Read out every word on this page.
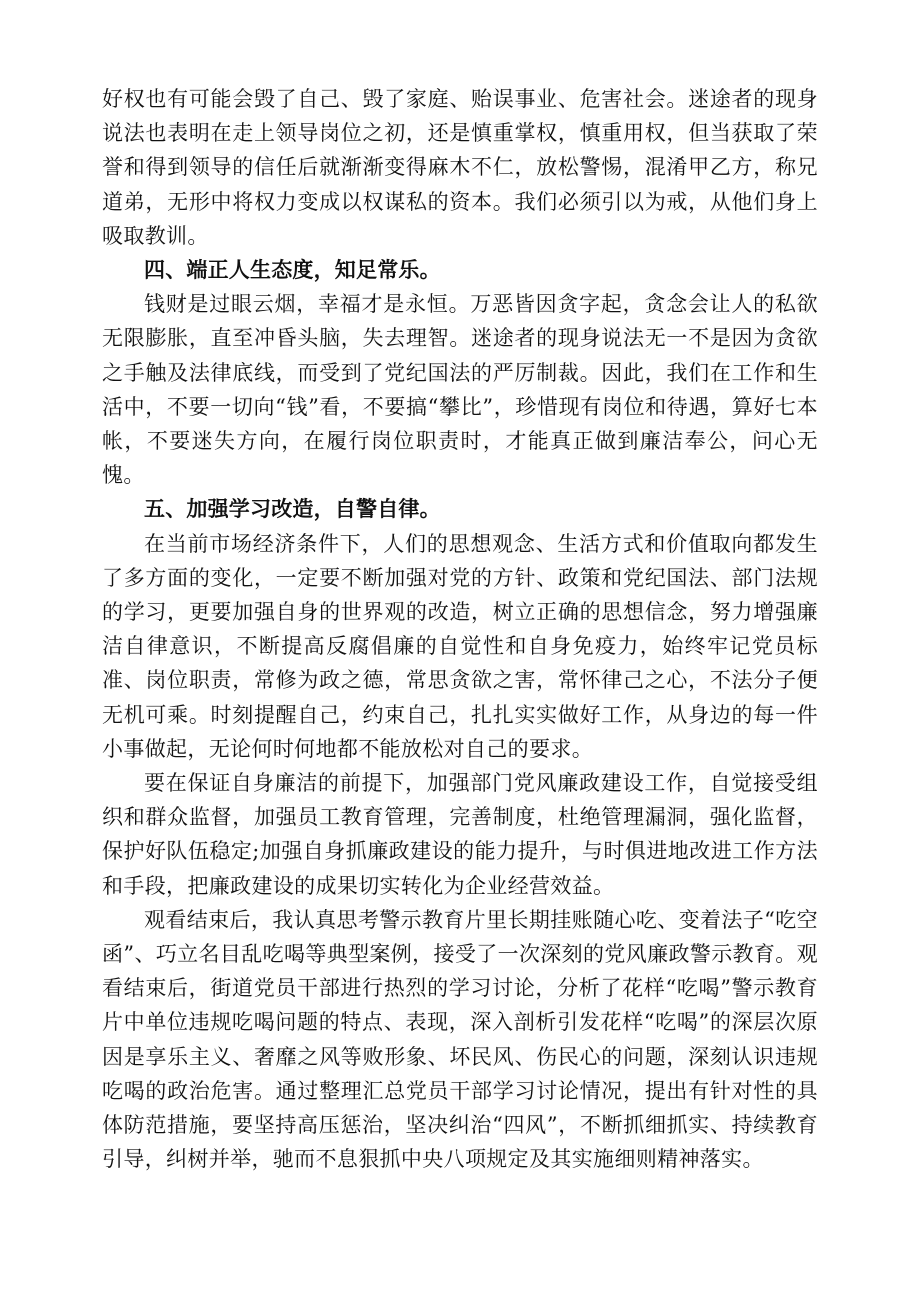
好权也有可能会毁了自己、毁了家庭、贻误事业、危害社会。迷途者的现身说法也表明在走上领导岗位之初，还是慎重掌权，慎重用权，但当获取了荣誉和得到领导的信任后就渐渐变得麻木不仁，放松警惕，混淆甲乙方，称兄道弟，无形中将权力变成以权谋私的资本。我们必须引以为戒，从他们身上吸取教训。

四、端正人生态度，知足常乐。

钱财是过眼云烟，幸福才是永恒。万恶皆因贪字起，贪念会让人的私欲无限膨胀，直至冲昏头脑，失去理智。迷途者的现身说法无一不是因为贪欲之手触及法律底线，而受到了党纪国法的严厉制裁。因此，我们在工作和生活中，不要一切向“钱”看，不要搞“攀比”，珍惜现有岗位和待遇，算好七本帐，不要迷失方向，在履行岗位职责时，才能真正做到廉洁奉公，问心无愧。

五、加强学习改造，自警自律。

在当前市场经济条件下，人们的思想观念、生活方式和价值取向都发生了多方面的变化，一定要不断加强对党的方针、政策和党纪国法、部门法规的学习，更要加强自身的世界观的改造，树立正确的思想信念，努力增强廉洁自律意识，不断提高反腐倡廉的自觉性和自身免疫力，始终牢记党员标准、岗位职责，常修为政之德，常思贪欲之害，常怀律己之心，不法分子便无机可乘。时刻提醒自己，约束自己，扎扎实实做好工作，从身边的每一件小事做起，无论何时何地都不能放松对自己的要求。

要在保证自身廉洁的前提下，加强部门党风廉政建设工作，自觉接受组织和群众监督，加强员工教育管理，完善制度，杜绝管理漏洞，强化监督，保护好队伍稳定;加强自身抓廉政建设的能力提升，与时俱进地改进工作方法和手段，把廉政建设的成果切实转化为企业经营效益。

观看结束后，我认真思考警示教育片里长期挂账随心吃、变着法子“吃空函”、巧立名目乱吃喝等典型案例，接受了一次深刻的党风廉政警示教育。观看结束后，街道党员干部进行热烈的学习讨论，分析了花样“吃喝”警示教育片中单位违规吃喝问题的特点、表现，深入剖析引发花样“吃喝”的深层次原因是享乐主义、奢靡之风等败形象、坏民风、伤民心的问题，深刻认识违规吃喝的政治危害。通过整理汇总党员干部学习讨论情况，提出有针对性的具体防范措施，要坚持高压惩治，坚决纠治“四风”，不断抓细抓实、持续教育引导，纠树并举，驰而不息狠抓中央八项规定及其实施细则精神落实。
